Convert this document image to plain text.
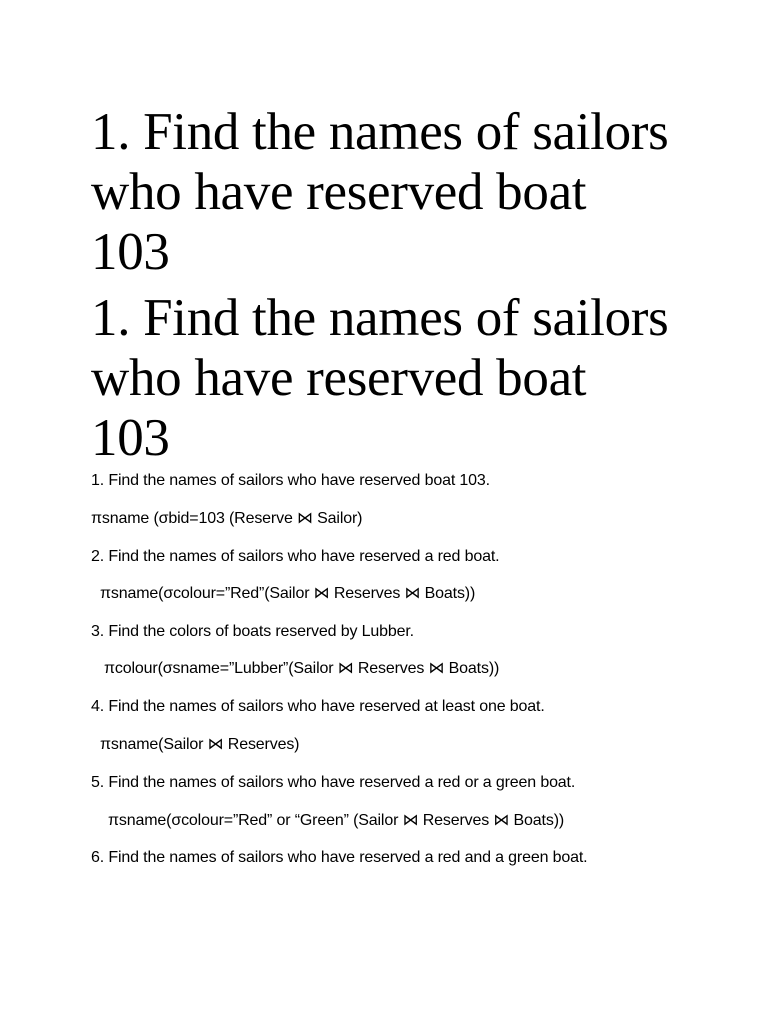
1. Find the names of sailors
who have reserved boat
103
1. Find the names of sailors
who have reserved boat
103
1. Find the names of sailors who have reserved boat 103.
πsname (σbid=103 (Reserve ⋈ Sailor)
2. Find the names of sailors who have reserved a red boat.
πsname(σcolour=”Red”(Sailor ⋈ Reserves ⋈ Boats))
3. Find the colors of boats reserved by Lubber.
πcolour(σsname=”Lubber”(Sailor ⋈ Reserves ⋈ Boats))
4. Find the names of sailors who have reserved at least one boat.
πsname(Sailor ⋈ Reserves)
5. Find the names of sailors who have reserved a red or a green boat.
πsname(σcolour=”Red” or “Green” (Sailor ⋈ Reserves ⋈ Boats))
6. Find the names of sailors who have reserved a red and a green boat.
